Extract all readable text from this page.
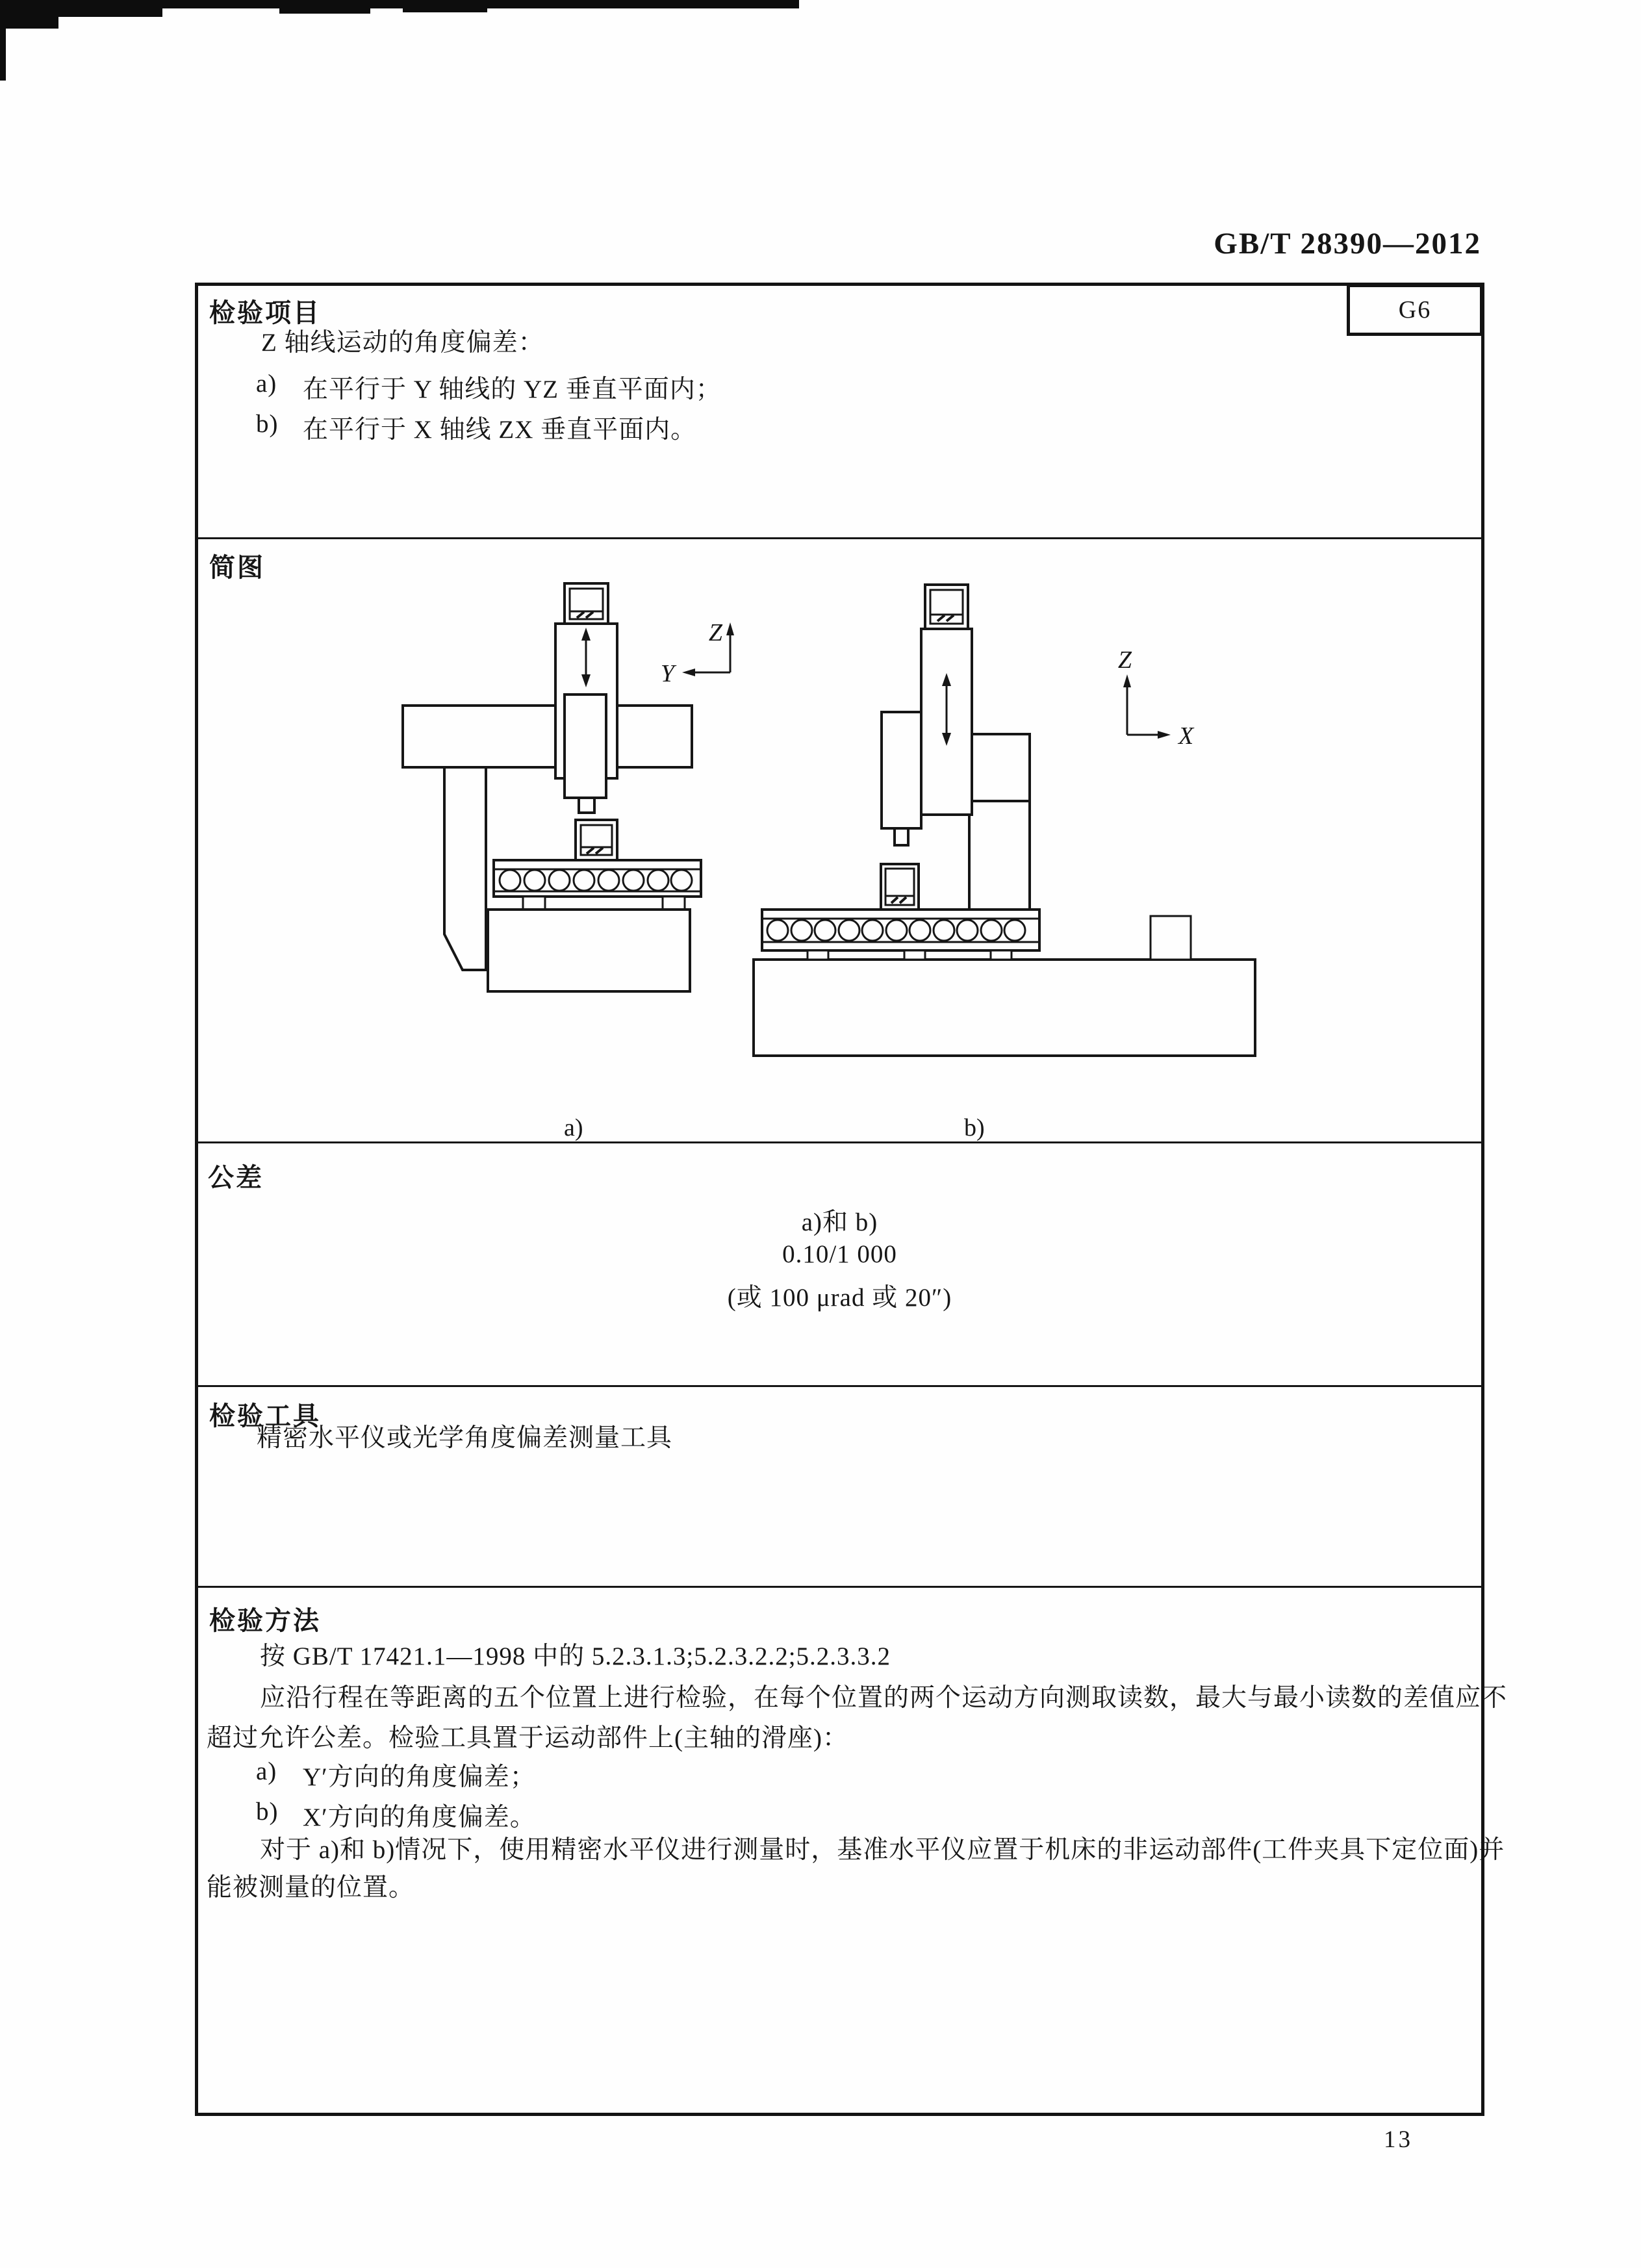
GB/T 28390—2012
G6
检验项目
Z 轴线运动的角度偏差：
a)	在平行于 Y 轴线的 YZ 垂直平面内；
b) 在平行于 X 轴线 ZX 垂直平面内。
简图
Z
Y	Z
X
a)	b)
公差
a)和 b)
0.10/1 000
(或 100 μrad 或 20″)
检验工具
精密水平仪或光学角度偏差测量工具
检验方法
按 GB/T 17421.1—1998 中的 5.2.3.1.3;5.2.3.2.2;5.2.3.3.2
应沿行程在等距离的五个位置上进行检验，在每个位置的两个运动方向测取读数，最大与最小读数的差值应不
超过允许公差。检验工具置于运动部件上(主轴的滑座)：
a)	Y′方向的角度偏差；
b) X′方向的角度偏差。
对于 a)和 b)情况下，使用精密水平仪进行测量时，基准水平仪应置于机床的非运动部件(工件夹具下定位面)并
能被测量的位置。
13
